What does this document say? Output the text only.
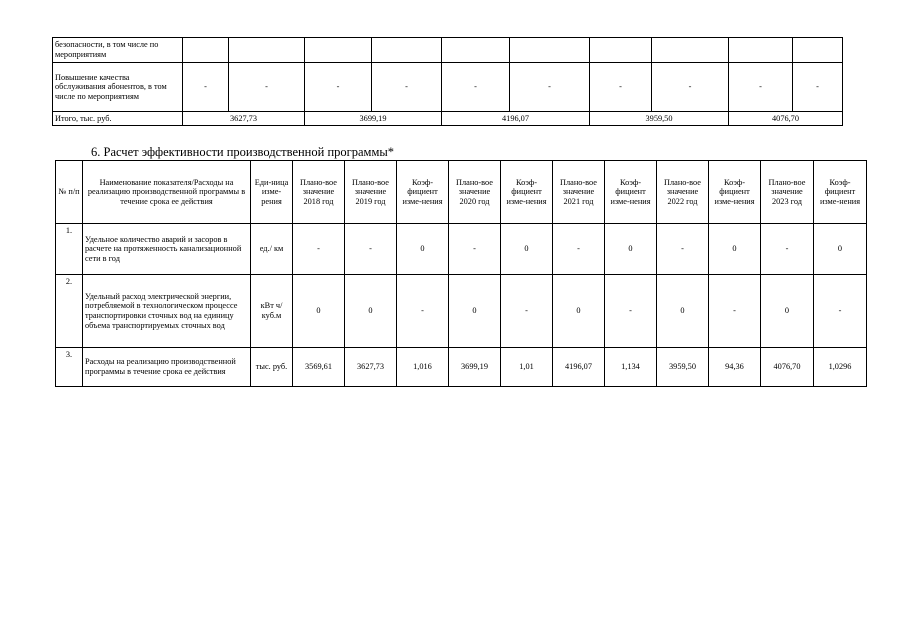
безопасности, в том числе по мероприятиям										
Повышение качества обслуживания абонентов, в том числе по мероприятиям	-	-	-	-	-	-	-	-	-	-
Итого, тыс. руб.	3627,73		3699,19		4196,07		3959,50		4076,70	
6. Расчет эффективности производственной программы*
№ п/п	Наименование показателя/Расходы на реализацию производственной программы в течение срока ее действия	Еди-ница изме-рения	Плано-вое значение 2018 год	Плано-вое значение 2019 год	Коэф-фициент изме-нения	Плано-вое значение 2020 год	Коэф-фициент изме-нения	Плано-вое значение 2021 год	Коэф-фициент изме-нения	Плано-вое значение 2022 год	Коэф-фициент изме-нения	Плано-вое значение 2023 год	Коэф-фициент изме-нения
1.	Удельное количество аварий и засоров в расчете на протяженность канализационной сети в год	ед./ км	-	-	0	-	0	-	0	-	0	-	0
2.	Удельный расход электрической энергии, потребляемой в технологическом процессе транспортировки сточных вод на единицу объема транспортируемых сточных вод	кВт ч/куб.м	0	0	-	0	-	0	-	0	-	0	-
3.	Расходы на реализацию производственной программы в течение срока ее действия	тыс. руб.	3569,61	3627,73	1,016	3699,19	1,01	4196,07	1,134	3959,50	94,36	4076,70	1,0296
